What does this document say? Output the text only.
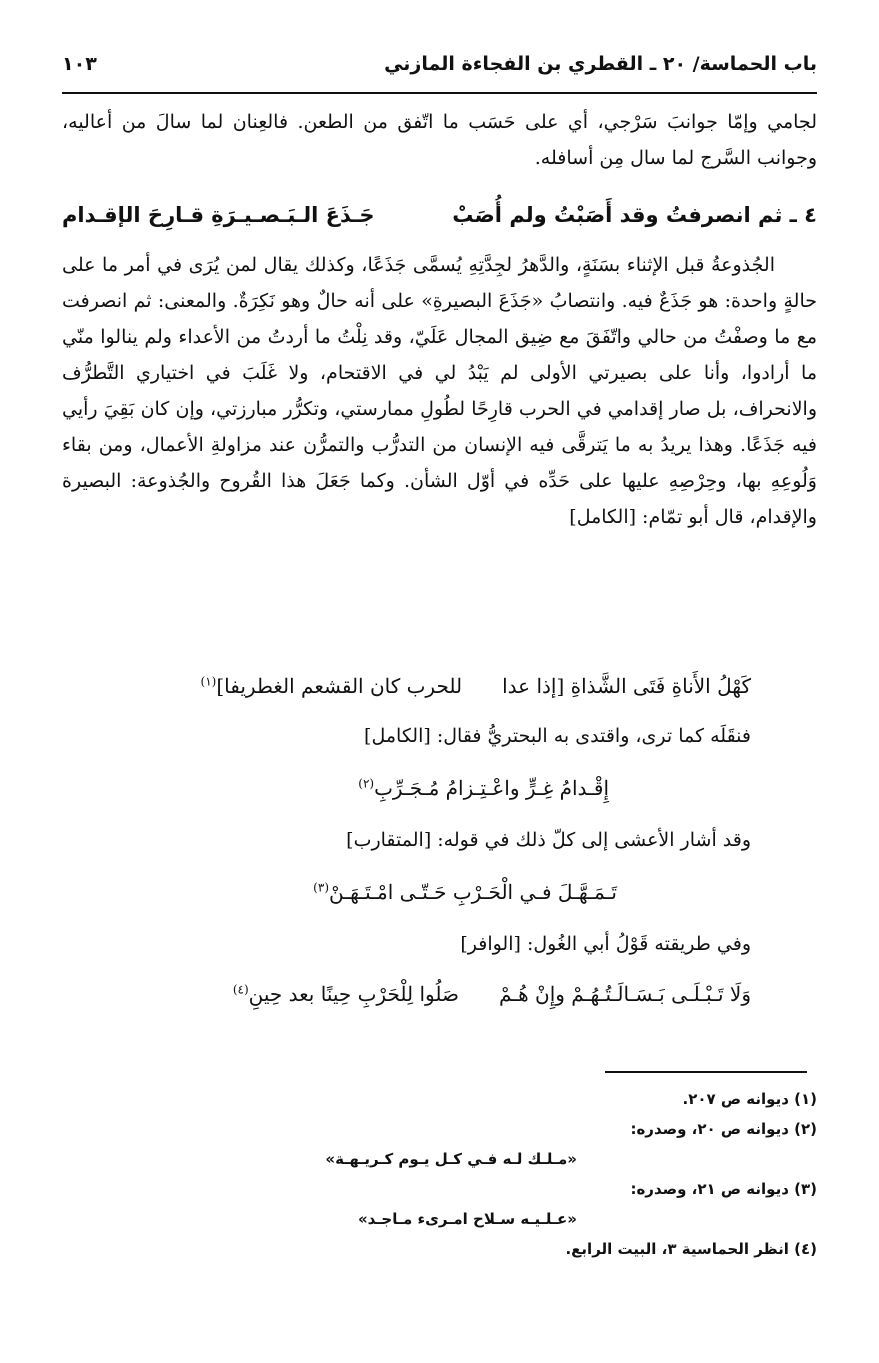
باب الحماسة/ ٢٠ ـ القطري بن الفجاءة المازني
١٠٣
لجامي وإمّا جوانبَ سَرْجي، أي على حَسَب ما اتّفق من الطعن. فالعِنان لما سالَ من أعاليه، وجوانب السَّرج لما سال مِن أسافله.
٤ ـ ثم انصرفتُ وقد أَصَبْتُ ولم أُصَبْ
جَـذَعَ الـبَـصـيـرَةِ قـارِحَ الإقـدام
الجُذوعةُ قبل الإثناء بسَنَةٍ، والدَّهرُ لجِدَّتِهِ يُسمَّى جَذَعًا، وكذلك يقال لمن يُرَى في أمر ما على حالةٍ واحدة: هو جَذَعٌ فيه. وانتصابُ «جَذَعَ البصيرةِ» على أنه حالٌ وهو نَكِرَةٌ. والمعنى: ثم انصرفت مع ما وصفْتُ من حالي واتّفَقَ مع ضِيق المجال عَلَيّ، وقد نِلْتُ ما أردتُ من الأعداء ولم ينالوا منّي ما أرادوا، وأنا على بصيرتي الأولى لم يَبْدُ لي في الاقتحام، ولا غَلَبَ في اختياري التَّطرُّف والانحراف، بل صار إقدامي في الحرب قارِحًا لطُولِ ممارستي، وتكرُّر مبارزتي، وإن كان بَقِيَ رأيي فيه جَذَعًا. وهذا يريدُ به ما يَترقَّى فيه الإنسان من التدرُّب والتمرُّن عند مزاولةِ الأعمال، ومن بقاء وَلُوعِهِ بها، وحِرْصِهِ عليها على حَدِّه في أوّل الشأن. وكما جَعَلَ هذا القُروح والجُذوعة: البصيرة والإقدام، قال أبو تمّام: [الكامل]
كَهْلُ الأَناةِ فَتَى الشَّذاةِ [إذا عداللحرب كان القشعم الغطريفا]$^{(١)}$
فنقَلَه كما ترى، واقتدى به البحتريُّ فقال: [الكامل]
إِقْـدامُ غِـرٍّ واعْـتِـزامُ مُـجَـرِّبِ$^{(٢)}$
وقد أشار الأعشى إلى كلّ ذلك في قوله: [المتقارب]
تَـمَـهَّـلَ فـي الْحَـرْبِ حَـتّـى امْـتَـهَـنْ$^{(٣)}$
وفي طريقته قَوْلُ أبي الغُول: [الوافر]
وَلَا تَـبْـلَـى بَـسَـالَـتُـهُـمْ وإِنْ هُـمْصَلُوا لِلْحَرْبِ حِينًا بعد حِينِ$^{(٤)}$
(١) ديوانه ص ٢٠٧.
(٢) ديوانه ص ٢٠، وصدره:
«مـلـك لـه فـي كـل يـوم كـريـهـة»
(٣) ديوانه ص ٢١، وصدره:
«عـلـيـه سـلاح امـرىء مـاجـد»
(٤) انظر الحماسية ٣، البيت الرابع.
